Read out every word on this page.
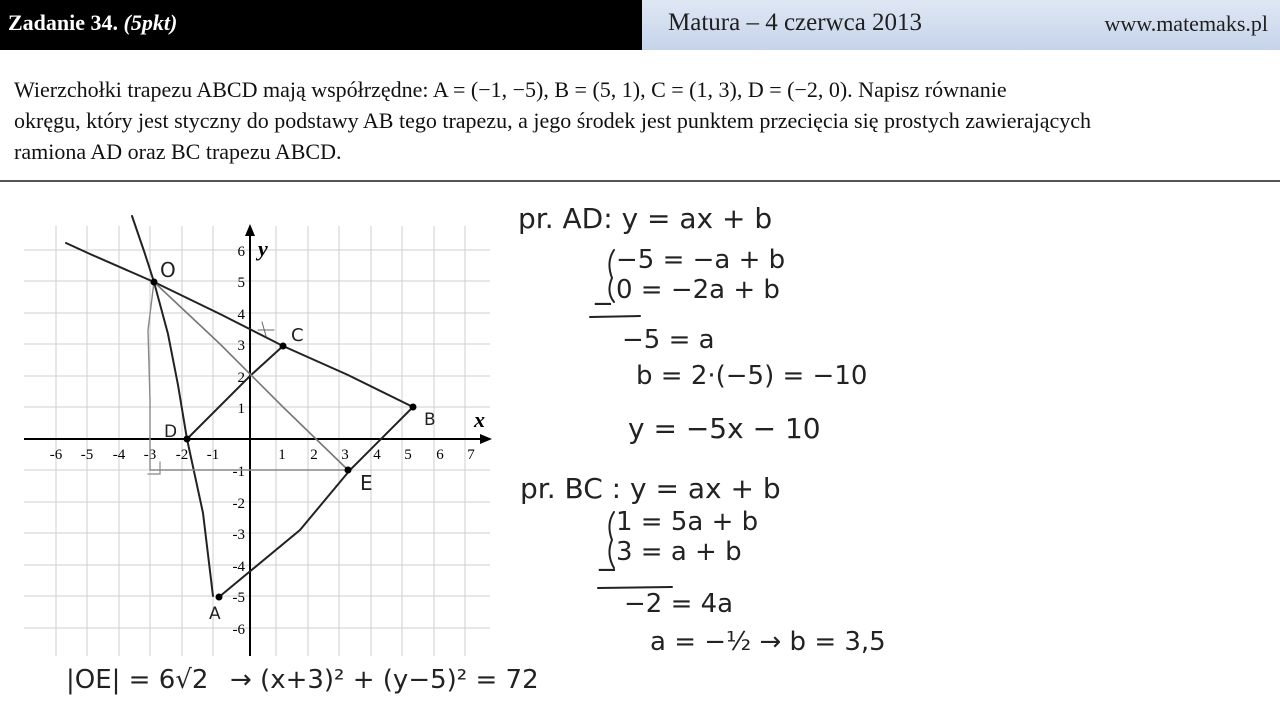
Zadanie 34. (5pkt)	Matura – 4 czerwca 2013	www.matemaks.pl
Wierzchołki trapezu ABCD mają współrzędne: A = (−1, −5), B = (5, 1), C = (1, 3), D = (−2, 0). Napisz równanie
okręgu, który jest styczny do podstawy AB tego trapezu, a jego środek jest punktem przecięcia się prostych zawierających
ramiona AD oraz BC trapezu ABCD.
x
y
-6 -5 -4 -3 -2 -1	1 2 3 4 5 6 7
6
5
4
3
2
1
-1
-2
-3
-4
-5
-6
O
C
D
B
E
A
pr. AD: y = ax + b
−5 = −a + b
0 = −2a + b
−
−5 = a
b = 2·(−5) = −10
y = −5x − 10
pr. BC : y = ax + b
1 = 5a + b
3 = a + b
−
−2 = 4a
a = −½ → b = 3,5
|OE| = 6√2 → (x+3)² + (y−5)² = 72
